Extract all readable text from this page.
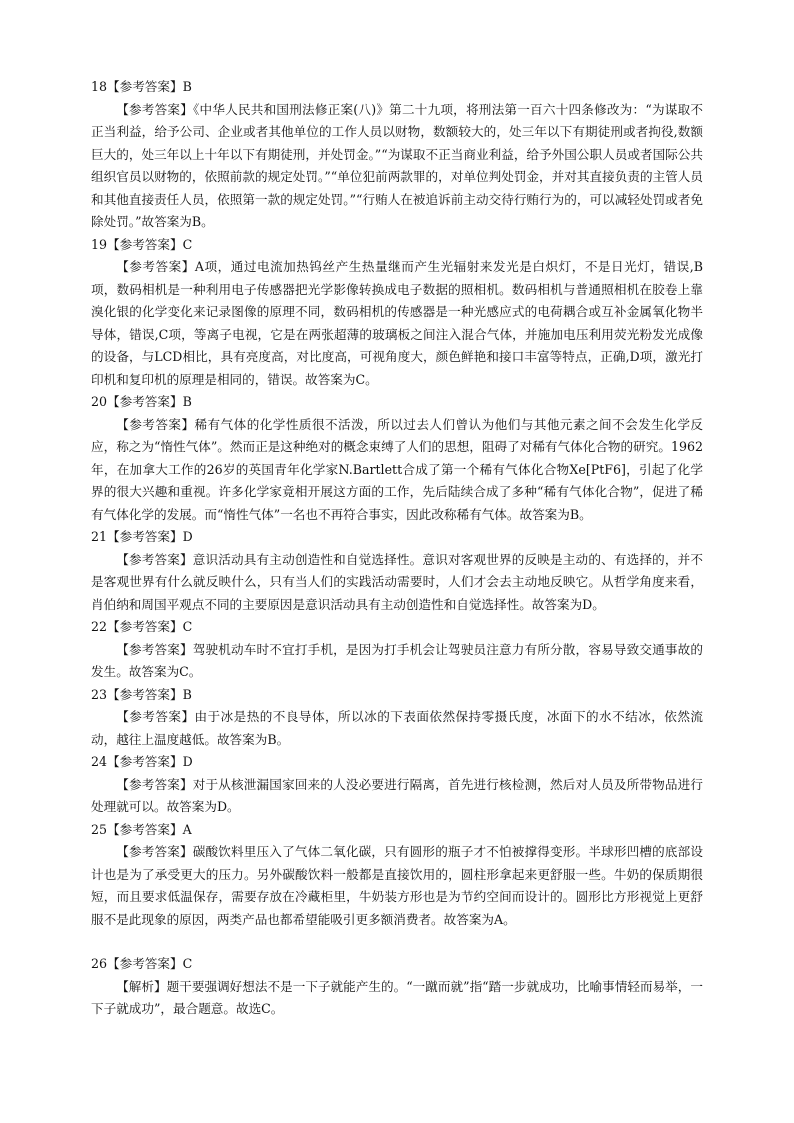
18【参考答案】B

【参考答案】《中华人民共和国刑法修正案(八)》第二十九项，将刑法第一百六十四条修改为：“为谋取不正当利益，给予公司、企业或者其他单位的工作人员以财物，数额较大的，处三年以下有期徒刑或者拘役,数额巨大的，处三年以上十年以下有期徒刑，并处罚金。”“为谋取不正当商业利益，给予外国公职人员或者国际公共组织官员以财物的，依照前款的规定处罚。”“单位犯前两款罪的，对单位判处罚金，并对其直接负责的主管人员和其他直接责任人员，依照第一款的规定处罚。”“行贿人在被追诉前主动交待行贿行为的，可以减轻处罚或者免除处罚。”故答案为B。

19【参考答案】C

【参考答案】A项，通过电流加热钨丝产生热量继而产生光辐射来发光是白炽灯，不是日光灯，错误,B项，数码相机是一种利用电子传感器把光学影像转换成电子数据的照相机。数码相机与普通照相机在胶卷上靠溴化银的化学变化来记录图像的原理不同，数码相机的传感器是一种光感应式的电荷耦合或互补金属氧化物半导体，错误,C项，等离子电视，它是在两张超薄的玻璃板之间注入混合气体，并施加电压利用荧光粉发光成像的设备，与LCD相比，具有亮度高，对比度高，可视角度大，颜色鲜艳和接口丰富等特点，正确,D项，激光打印机和复印机的原理是相同的，错误。故答案为C。

20【参考答案】B

【参考答案】稀有气体的化学性质很不活泼，所以过去人们曾认为他们与其他元素之间不会发生化学反应，称之为“惰性气体”。然而正是这种绝对的概念束缚了人们的思想，阻碍了对稀有气体化合物的研究。1962年，在加拿大工作的26岁的英国青年化学家N.Bartlett合成了第一个稀有气体化合物Xe[PtF6]，引起了化学界的很大兴趣和重视。许多化学家竟相开展这方面的工作，先后陆续合成了多种“稀有气体化合物”，促进了稀有气体化学的发展。而“惰性气体”一名也不再符合事实，因此改称稀有气体。故答案为B。

21【参考答案】D

【参考答案】意识活动具有主动创造性和自觉选择性。意识对客观世界的反映是主动的、有选择的，并不是客观世界有什么就反映什么，只有当人们的实践活动需要时，人们才会去主动地反映它。从哲学角度来看，肖伯纳和周国平观点不同的主要原因是意识活动具有主动创造性和自觉选择性。故答案为D。

22【参考答案】C

【参考答案】驾驶机动车时不宜打手机，是因为打手机会让驾驶员注意力有所分散，容易导致交通事故的发生。故答案为C。

23【参考答案】B

【参考答案】由于冰是热的不良导体，所以冰的下表面依然保持零摄氏度，冰面下的水不结冰，依然流动，越往上温度越低。故答案为B。

24【参考答案】D

【参考答案】对于从核泄漏国家回来的人没必要进行隔离，首先进行核检测，然后对人员及所带物品进行处理就可以。故答案为D。

25【参考答案】A

【参考答案】碳酸饮料里压入了气体二氧化碳，只有圆形的瓶子才不怕被撑得变形。半球形凹槽的底部设计也是为了承受更大的压力。另外碳酸饮料一般都是直接饮用的，圆柱形拿起来更舒服一些。牛奶的保质期很短，而且要求低温保存，需要存放在冷藏柜里，牛奶装方形也是为节约空间而设计的。圆形比方形视觉上更舒服不是此现象的原因，两类产品也都希望能吸引更多额消费者。故答案为A。

26【参考答案】C

【解析】题干要强调好想法不是一下子就能产生的。“一蹴而就”指“踏一步就成功，比喻事情轻而易举，一下子就成功”，最合题意。故选C。
